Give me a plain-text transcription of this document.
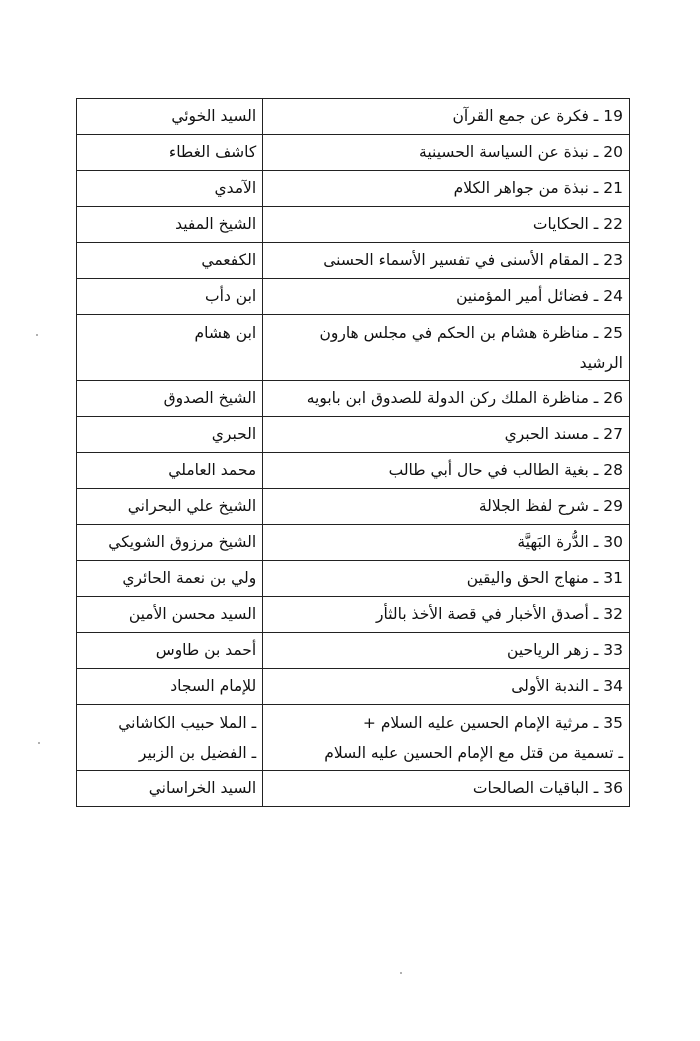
19 ـ فكرة عن جمع القرآن	السيد الخوئي
20 ـ نبذة عن السياسة الحسينية	كاشف الغطاء
21 ـ نبذة من جواهر الكلام	الآمدي
22 ـ الحكايات	الشيخ المفيد
23 ـ المقام الأسنى في تفسير الأسماء الحسنى	الكفعمي
24 ـ فضائل أمير المؤمنين	ابن دأب

25 ـ مناظرة هشام بن الحكم في مجلس هارون
الرشيد	ابن هشام
26 ـ مناظرة الملك ركن الدولة للصدوق ابن بابويه	الشيخ الصدوق
27 ـ مسند الحبري	الحبري
28 ـ بغية الطالب في حال أبي طالب	محمد العاملي
29 ـ شرح لفظ الجلالة	الشيخ علي البحراني
30 ـ الدُّرة البَهيَّة	الشيخ مرزوق الشويكي
31 ـ منهاج الحق واليقين	ولي بن نعمة الحائري
32 ـ أصدق الأخبار في قصة الأخذ بالثأر	السيد محسن الأمين
33 ـ زهر الرياحين	أحمد بن طاوس
34 ـ الندبة الأولى	للإمام السجاد

35 ـ مرثية الإمام الحسين عليه السلام +
ـ تسمية من قتل مع الإمام الحسين عليه السلام	ـ الملا حبيب الكاشاني
ـ الفضيل بن الزبير

36 ـ الباقيات الصالحات	السيد الخراساني
